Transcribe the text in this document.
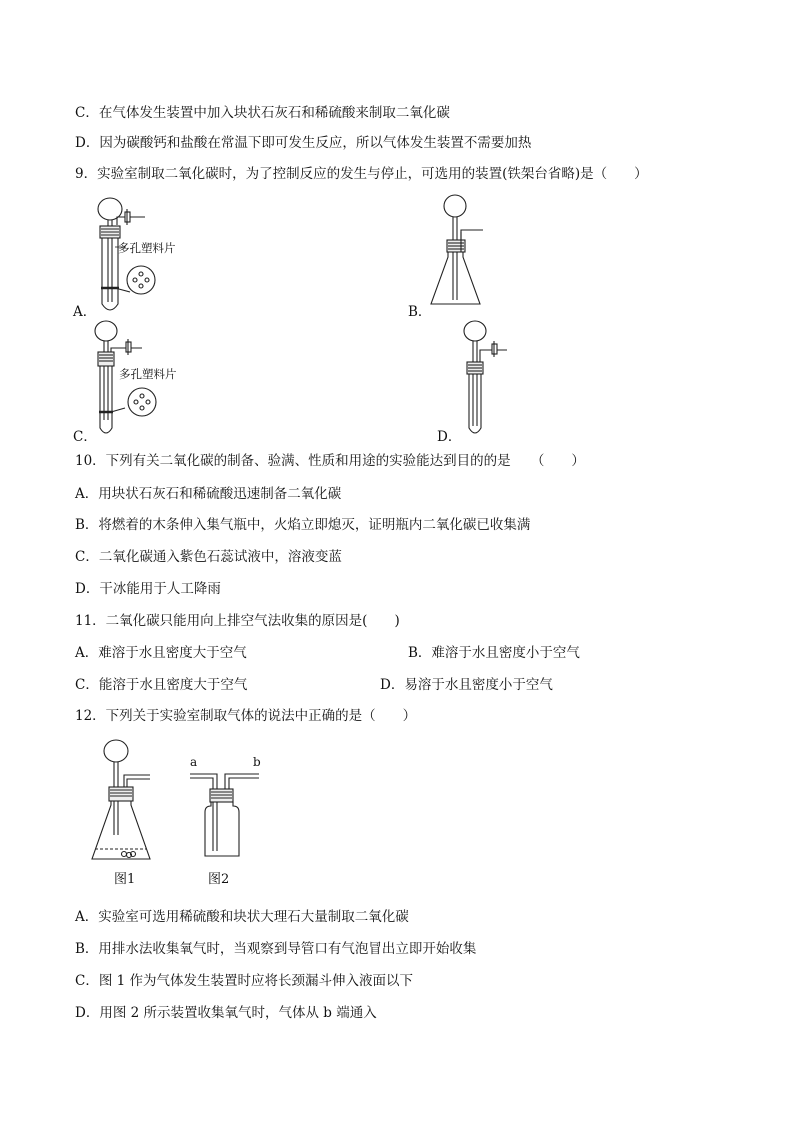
C．在气体发生装置中加入块状石灰石和稀硫酸来制取二氧化碳
D．因为碳酸钙和盐酸在常温下即可发生反应，所以气体发生装置不需要加热
9．实验室制取二氧化碳时，为了控制反应的发生与停止，可选用的装置(铁架台省略)是（　　）
多孔塑料片
A．	B．
多孔塑料片
C．	D．
10．下列有关二氧化碳的制备、验满、性质和用途的实验能达到目的的是　　（　　）
A．用块状石灰石和稀硫酸迅速制备二氧化碳
B．将燃着的木条伸入集气瓶中，火焰立即熄灭，证明瓶内二氧化碳已收集满
C．二氧化碳通入紫色石蕊试液中，溶液变蓝
D．干冰能用于人工降雨
11．二氧化碳只能用向上排空气法收集的原因是(　　)
A．难溶于水且密度大于空气	B．难溶于水且密度小于空气
C．能溶于水且密度大于空气	D．易溶于水且密度小于空气
12．下列关于实验室制取气体的说法中正确的是（　　）
图1
a	b
图2
A．实验室可选用稀硫酸和块状大理石大量制取二氧化碳
B．用排水法收集氧气时，当观察到导管口有气泡冒出立即开始收集
C．图 1 作为气体发生装置时应将长颈漏斗伸入液面以下
D．用图 2 所示装置收集氧气时，气体从 b 端通入
